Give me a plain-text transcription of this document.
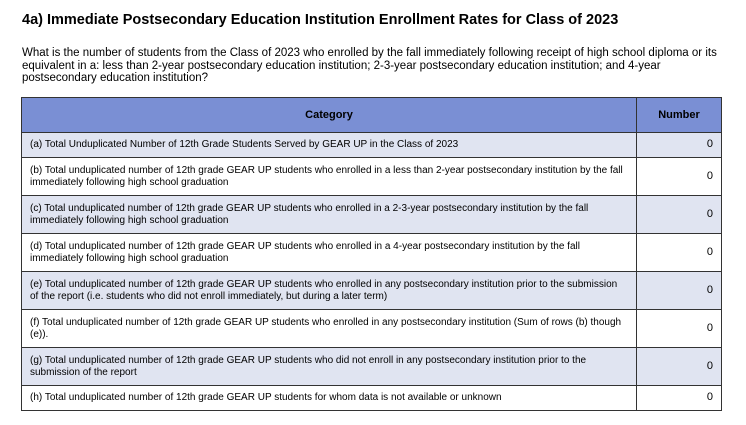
4a) Immediate Postsecondary Education Institution Enrollment Rates for Class of 2023

What is the number of students from the Class of 2023 who enrolled by the fall immediately following receipt of high school diploma or its equivalent in a: less than 2-year postsecondary education institution; 2-3-year postsecondary education institution; and 4-year postsecondary education institution?

Category	Number
(a) Total Unduplicated Number of 12th Grade Students Served by GEAR UP in the Class of 2023	0
(b) Total unduplicated number of 12th grade GEAR UP students who enrolled in a less than 2-year postsecondary institution by the fall immediately following high school graduation	0
(c) Total unduplicated number of 12th grade GEAR UP students who enrolled in a 2-3-year postsecondary institution by the fall immediately following high school graduation	0
(d) Total unduplicated number of 12th grade GEAR UP students who enrolled in a 4-year postsecondary institution by the fall immediately following high school graduation	0
(e) Total unduplicated number of 12th grade GEAR UP students who enrolled in any postsecondary institution prior to the submission of the report (i.e. students who did not enroll immediately, but during a later term)	0
(f) Total unduplicated number of 12th grade GEAR UP students who enrolled in any postsecondary institution (Sum of rows (b) though (e)).	0
(g) Total unduplicated number of 12th grade GEAR UP students who did not enroll in any postsecondary institution prior to the submission of the report	0
(h) Total unduplicated number of 12th grade GEAR UP students for whom data is not available or unknown	0
